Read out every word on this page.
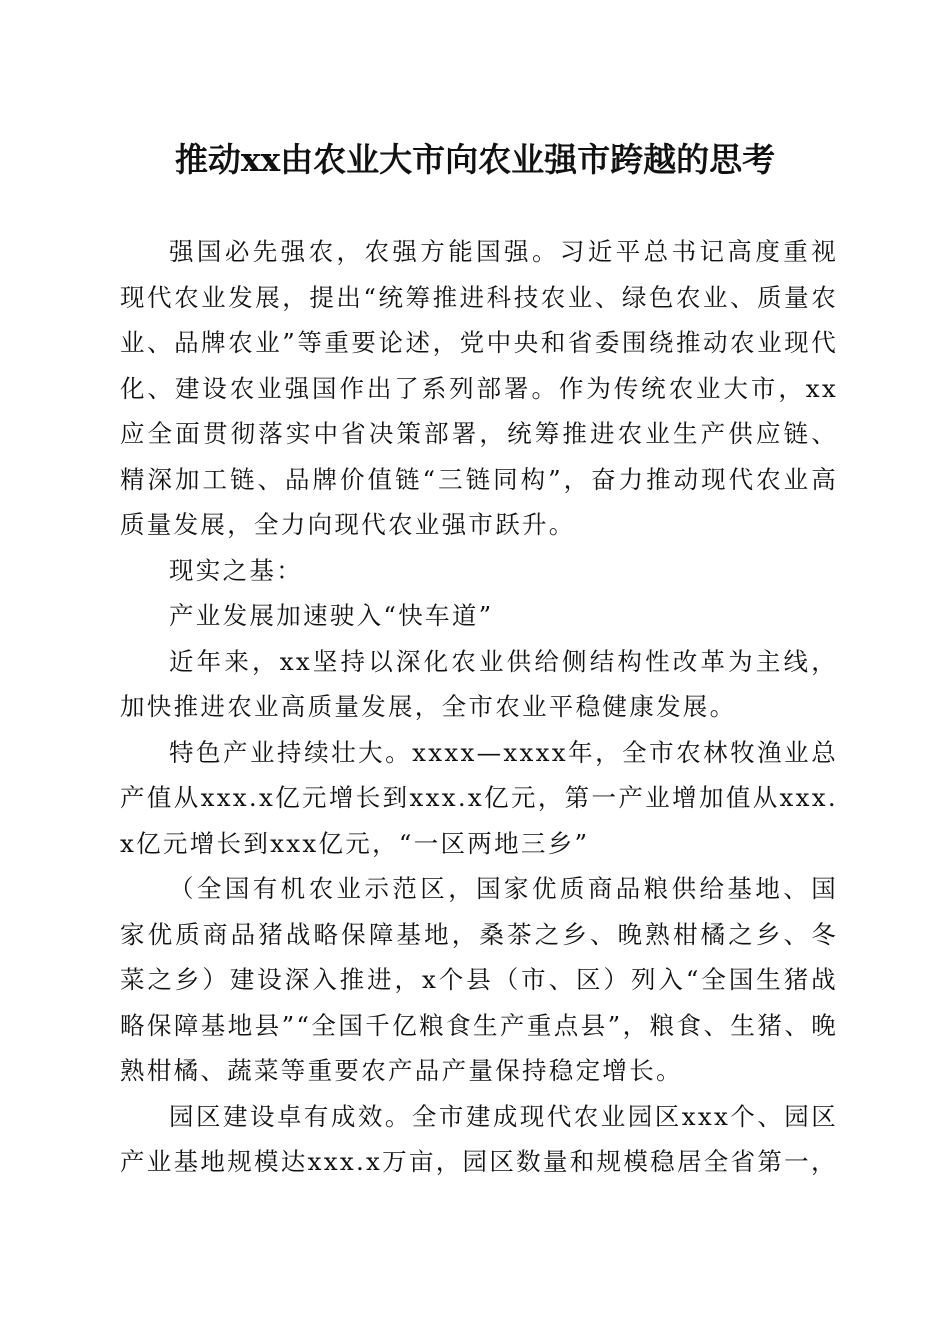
推动xx由农业大市向农业强市跨越的思考

强国必先强农，农强方能国强。习近平总书记高度重视现代农业发展，提出“统筹推进科技农业、绿色农业、质量农业、品牌农业”等重要论述，党中央和省委围绕推动农业现代化、建设农业强国作出了系列部署。作为传统农业大市，xx应全面贯彻落实中省决策部署，统筹推进农业生产供应链、精深加工链、品牌价值链“三链同构”，奋力推动现代农业高质量发展，全力向现代农业强市跃升。

现实之基：

产业发展加速驶入“快车道”

近年来，xx坚持以深化农业供给侧结构性改革为主线，加快推进农业高质量发展，全市农业平稳健康发展。

特色产业持续壮大。xxxx—xxxx年，全市农林牧渔业总产值从xxx.x亿元增长到xxx.x亿元，第一产业增加值从xxx.x亿元增长到xxx亿元，“一区两地三乡”

（全国有机农业示范区，国家优质商品粮供给基地、国家优质商品猪战略保障基地，桑茶之乡、晚熟柑橘之乡、冬菜之乡）建设深入推进，x个县（市、区）列入“全国生猪战略保障基地县”“全国千亿粮食生产重点县”，粮食、生猪、晚熟柑橘、蔬菜等重要农产品产量保持稳定增长。

园区建设卓有成效。全市建成现代农业园区xxx个、园区产业基地规模达xxx.x万亩，园区数量和规模稳居全省第一，
